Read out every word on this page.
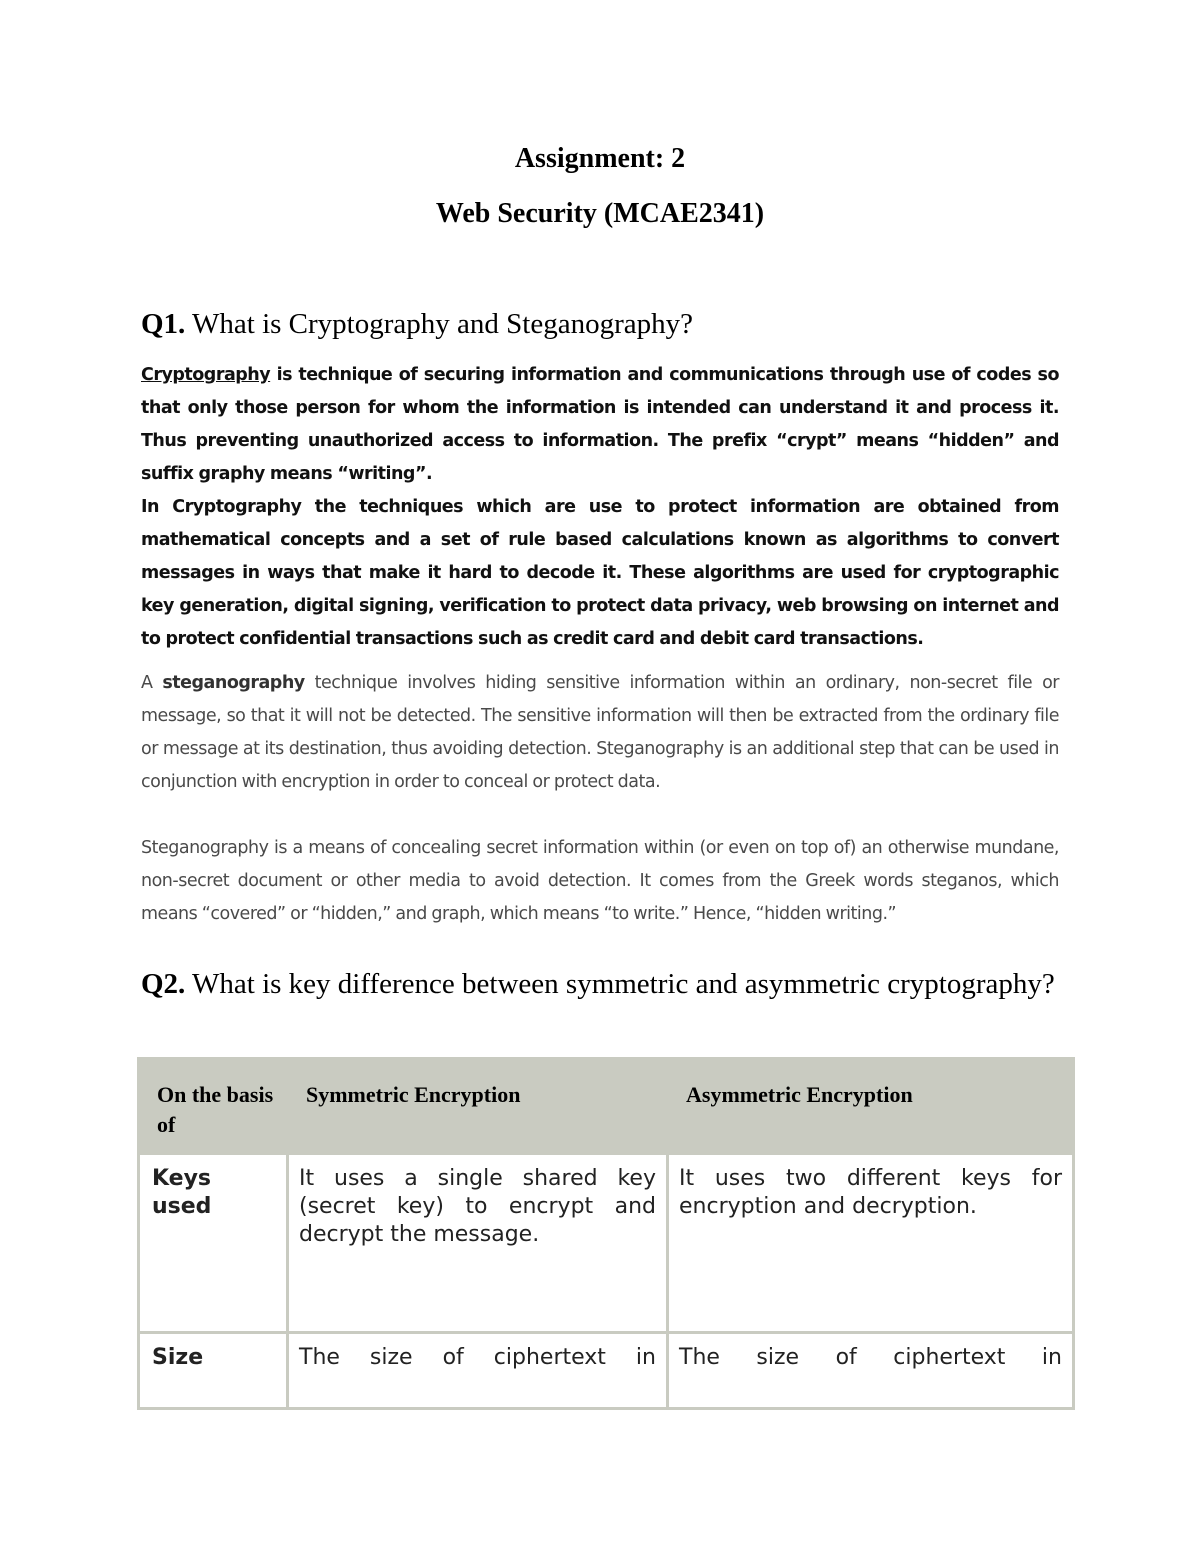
Assignment: 2
Web Security (MCAE2341)
Q1. What is Cryptography and Steganography?

Cryptography is technique of securing information and communications through use of codes so that only those person for whom the information is intended can understand it and process it. Thus preventing unauthorized access to information. The prefix “crypt” means “hidden” and suffix graphy means “writing”.

In Cryptography the techniques which are use to protect information are obtained from mathematical concepts and a set of rule based calculations known as algorithms to convert messages in ways that make it hard to decode it. These algorithms are used for cryptographic key generation, digital signing, verification to protect data privacy, web browsing on internet and to protect confidential transactions such as credit card and debit card transactions.

A steganography technique involves hiding sensitive information within an ordinary, non-secret file or message, so that it will not be detected. The sensitive information will then be extracted from the ordinary file or message at its destination, thus avoiding detection. Steganography is an additional step that can be used in conjunction with encryption in order to conceal or protect data.

Steganography is a means of concealing secret information within (or even on top of) an otherwise mundane, non-secret document or other media to avoid detection. It comes from the Greek words steganos, which means “covered” or “hidden,” and graph, which means “to write.” Hence, “hidden writing.”

Q2. What is key difference between symmetric and asymmetric cryptography?
On the basis of	Symmetric Encryption	Asymmetric Encryption

Keys used	It uses a single shared key (secret key) to encrypt and decrypt the message.	It uses two different keys for encryption and decryption.

Size	The size of ciphertext in	The size of ciphertext in
